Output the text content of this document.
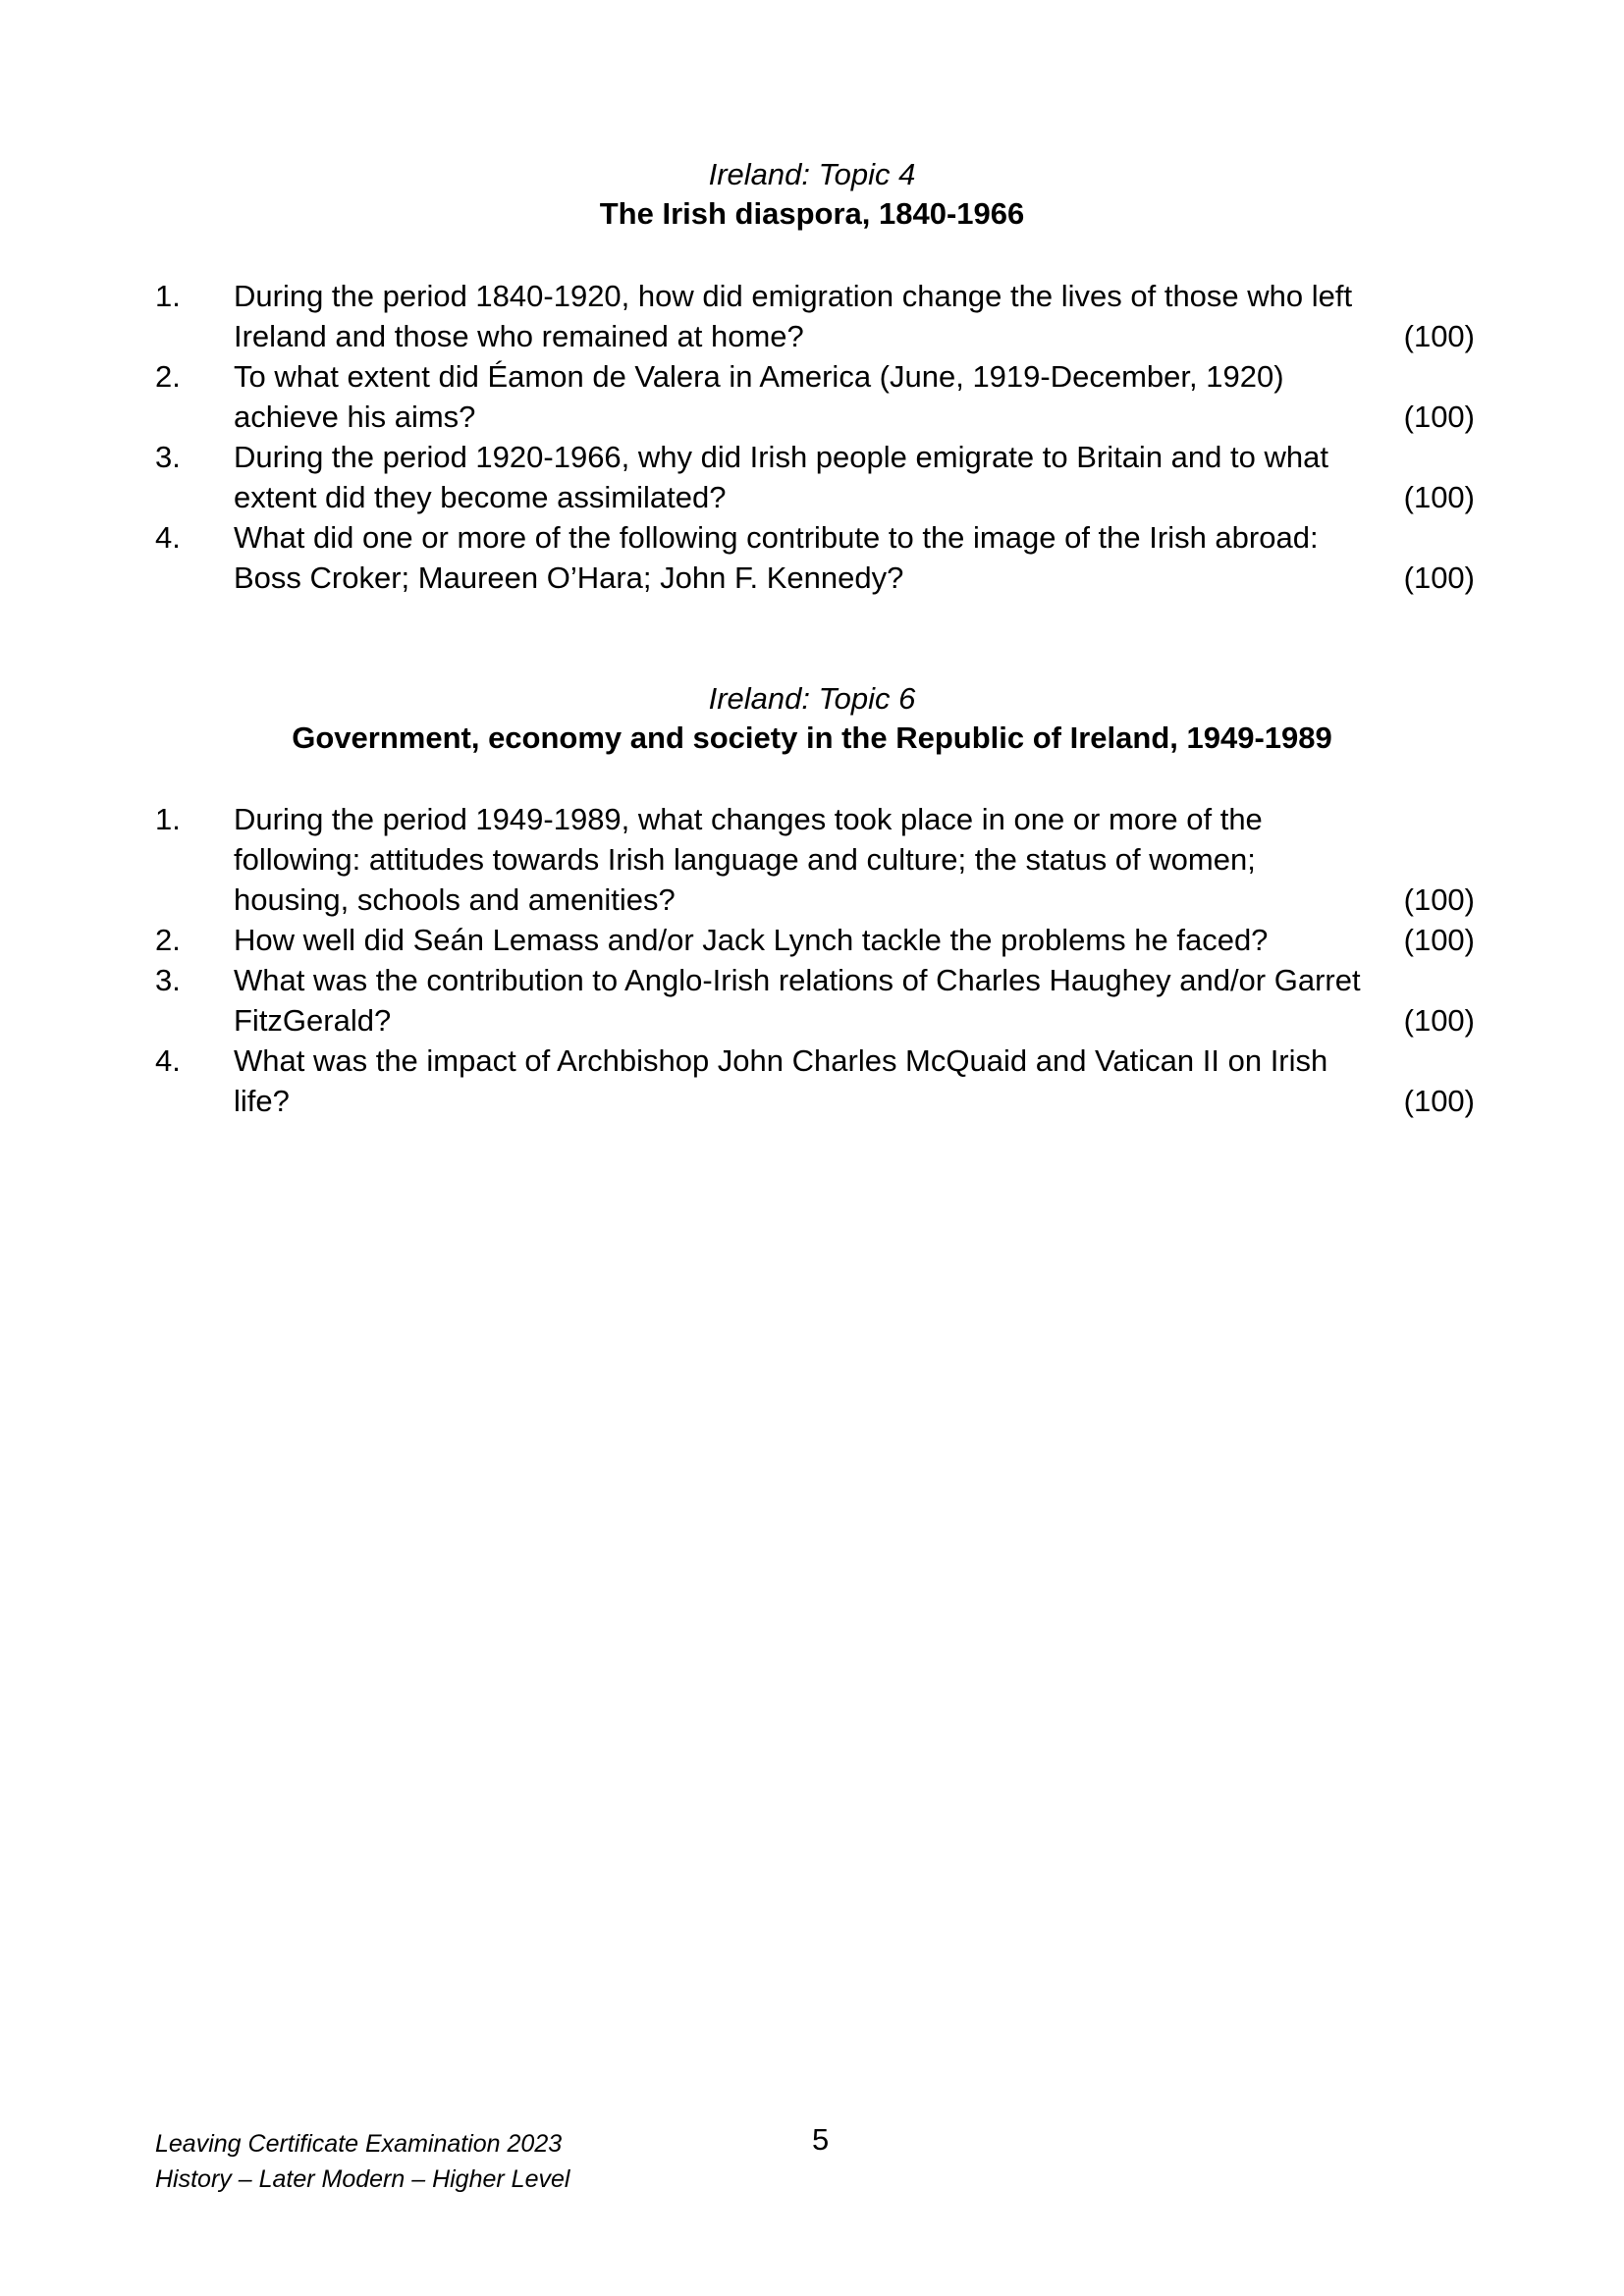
Ireland: Topic 4
The Irish diaspora, 1840-1966
1. During the period 1840-1920, how did emigration change the lives of those who left Ireland and those who remained at home?	(100)
2. To what extent did Éamon de Valera in America (June, 1919-December, 1920) achieve his aims?	(100)
3. During the period 1920-1966, why did Irish people emigrate to Britain and to what extent did they become assimilated?	(100)
4. What did one or more of the following contribute to the image of the Irish abroad: Boss Croker; Maureen O’Hara; John F. Kennedy?	(100)
Ireland: Topic 6
Government, economy and society in the Republic of Ireland, 1949-1989
1. During the period 1949-1989, what changes took place in one or more of the following: attitudes towards Irish language and culture; the status of women; housing, schools and amenities?	(100)
2. How well did Seán Lemass and/or Jack Lynch tackle the problems he faced?	(100)
3. What was the contribution to Anglo-Irish relations of Charles Haughey and/or Garret FitzGerald?	(100)
4. What was the impact of Archbishop John Charles McQuaid and Vatican II on Irish life?	(100)
Leaving Certificate Examination 2023
History – Later Modern – Higher Level
5
